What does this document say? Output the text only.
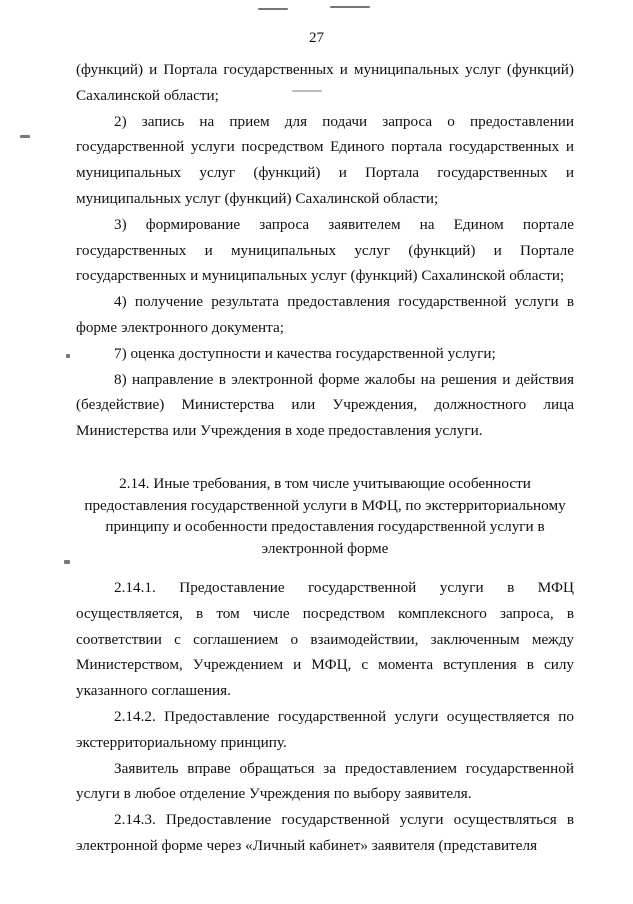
27

(функций) и Портала государственных и муниципальных услуг (функций) Сахалинской области;

2) запись на прием для подачи запроса о предоставлении государственной услуги посредством Единого портала государственных и муниципальных услуг (функций) и Портала государственных и муниципальных услуг (функций) Сахалинской области;

3) формирование запроса заявителем на Едином портале государственных и муниципальных услуг (функций) и Портале государственных и муниципальных услуг (функций) Сахалинской области;

4) получение результата предоставления государственной услуги в форме электронного документа;

7) оценка доступности и качества государственной услуги;

8) направление в электронной форме жалобы на решения и действия (бездействие) Министерства или Учреждения, должностного лица Министерства или Учреждения в ходе предоставления услуги.

2.14. Иные требования, в том числе учитывающие особенности предоставления государственной услуги в МФЦ, по экстерриториальному принципу и особенности предоставления государственной услуги в электронной форме

2.14.1. Предоставление государственной услуги в МФЦ осуществляется, в том числе посредством комплексного запроса, в соответствии с соглашением о взаимодействии, заключенным между Министерством, Учреждением и МФЦ, с момента вступления в силу указанного соглашения.

2.14.2. Предоставление государственной услуги осуществляется по экстерриториальному принципу.

Заявитель вправе обращаться за предоставлением государственной услуги в любое отделение Учреждения по выбору заявителя.

2.14.3. Предоставление государственной услуги осуществляться в электронной форме через «Личный кабинет» заявителя (представителя
